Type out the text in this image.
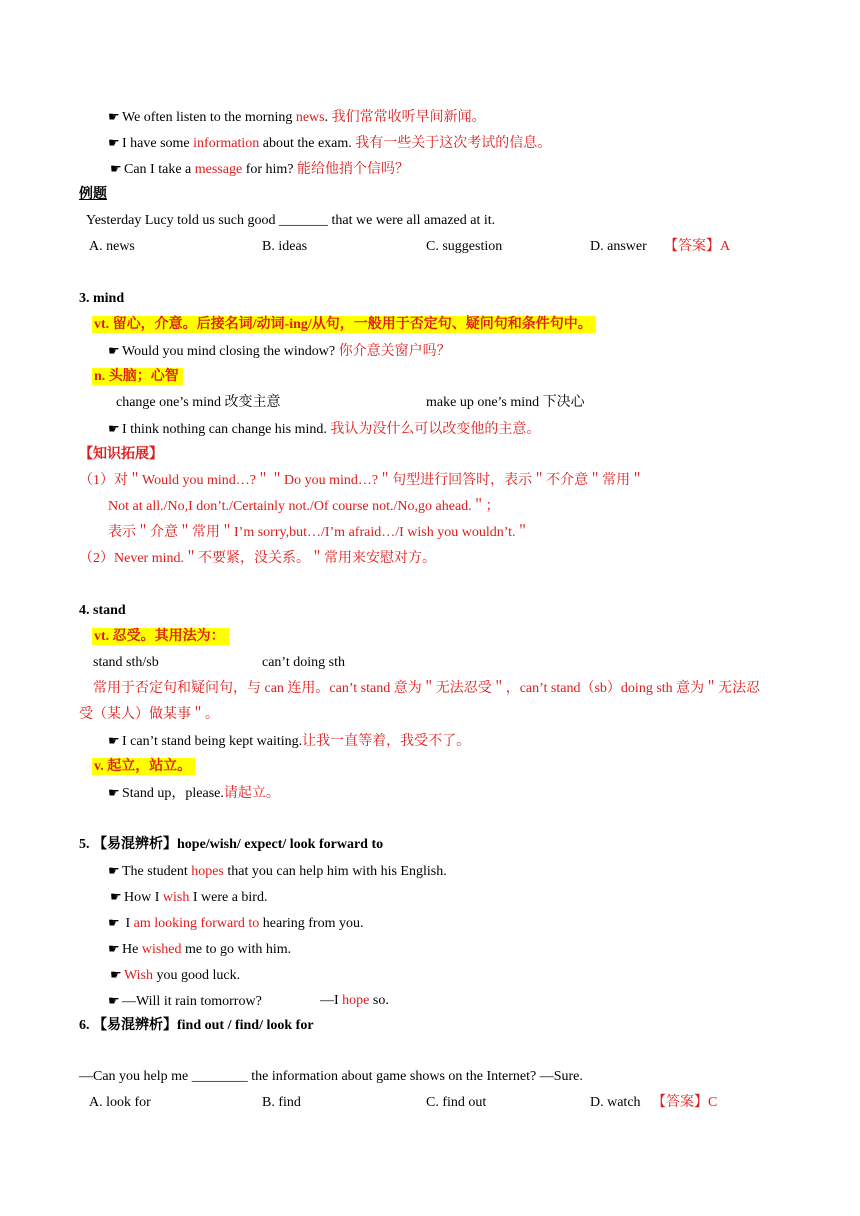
☛ We often listen to the morning news. 我们常常收听早间新闻。
☛ I have some information about the exam. 我有一些关于这次考试的信息。
☛ Can I take a message for him? 能给他捎个信吗？
例题
Yesterday Lucy told us such good _______ that we were all amazed at it.
A. news	B. ideas	C. suggestion	D. answer 【答案】A
3. mind
vt. 留心，介意。后接名词/动词-ing/从句，一般用于否定句、疑问句和条件句中。
☛ Would you mind closing the window? 你介意关窗户吗？
n. 头脑；心智
change one’s mind 改变主意	make up one’s mind 下决心
☛ I think nothing can change his mind. 我认为没什么可以改变他的主意。
【知识拓展】
（1）对＂Would you mind…?＂＂Do you mind…?＂句型进行回答时，表示＂不介意＂常用＂
Not at all./No,I don’t./Certainly not./Of course not./No,go ahead.＂；
表示＂介意＂常用＂I’m sorry,but…/I’m afraid…/I wish you wouldn’t.＂
（2）Never mind.＂不要紧，没关系。＂常用来安慰对方。
4. stand
vt. 忍受。其用法为：
stand sth/sb	can’t doing sth
常用于否定句和疑问句，与 can 连用。can’t stand 意为＂无法忍受＂，can’t stand（sb）doing sth 意为＂无法忍
受（某人）做某事＂。
☛ I can’t stand being kept waiting.让我一直等着，我受不了。
v. 起立，站立。
☛ Stand up，please.请起立。
5. 【易混辨析】hope/wish/ expect/ look forward to
☛ The student hopes that you can help him with his English.
☛ How I wish I were a bird.
☛ I am looking forward to hearing from you.
☛ He wished me to go with him.
☛ Wish you good luck.
☛ —Will it rain tomorrow?	—I hope so.
6. 【易混辨析】find out / find/ look for
—Can you help me ________ the information about game shows on the Internet? —Sure.
A. look for	B. find	C. find out	D. watch 【答案】C
